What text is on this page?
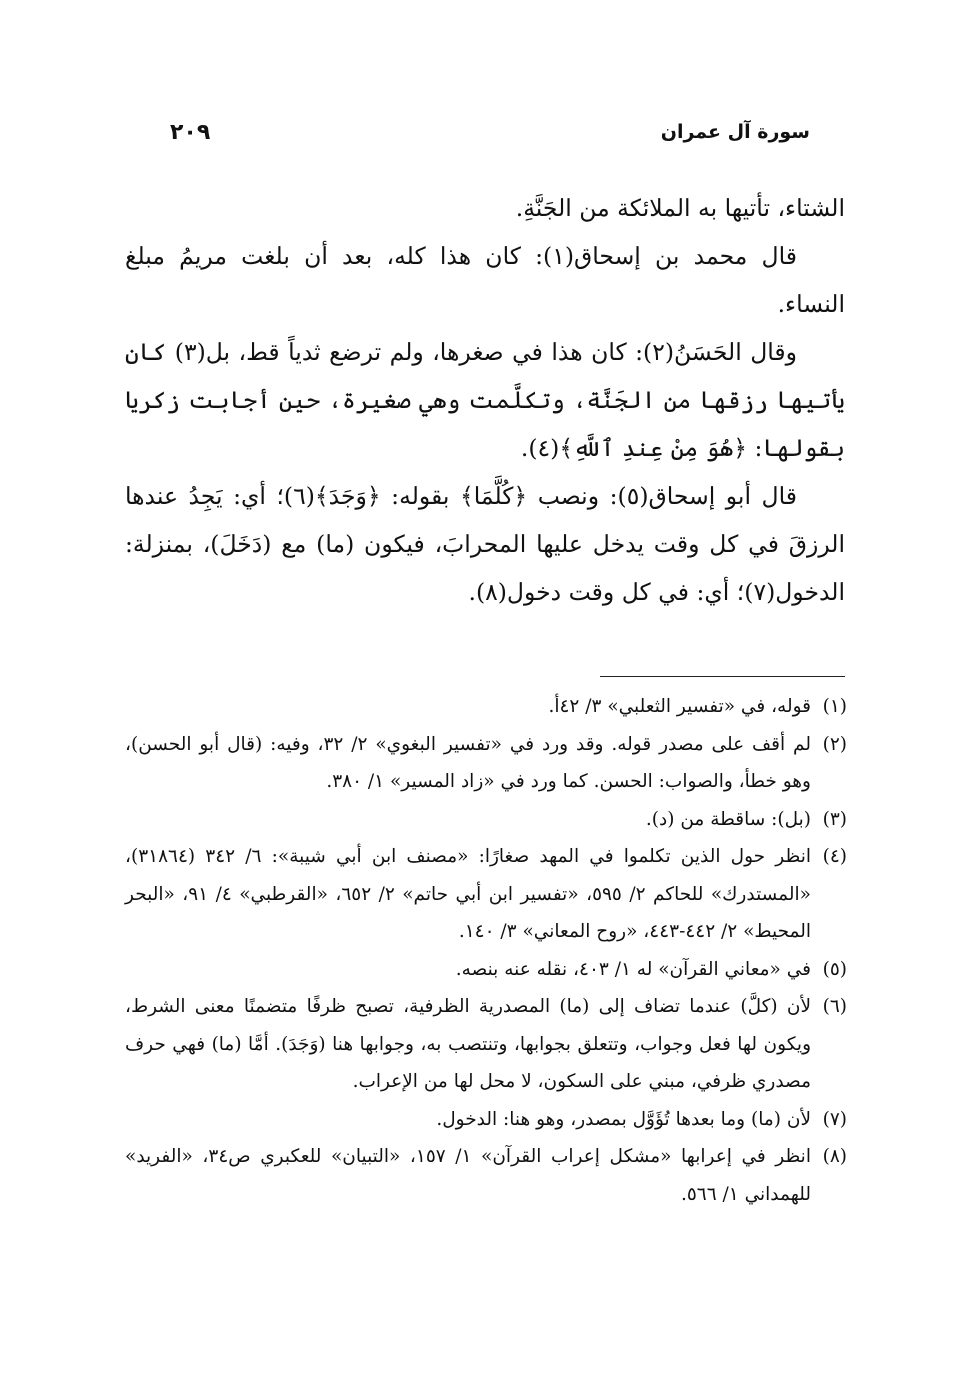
سورة آل عمران
٢٠٩

الشتاء، تأتيها به الملائكة من الجَنَّةِ.

قال محمد بن إسحاق(١): كان هذا كله، بعد أن بلغت مريمُ مبلغ النساء.

وقال الحَسَنُ(٢): كان هذا في صغرها، ولم ترضع ثدياً قط، بل(٣) كان يأتيها رزقها من الجَنَّة، وتكلَّمت وهي صغيرة، حين أجابت زكريا بقولها: ﴿هُوَ مِنْ عِندِ ٱللَّهِ﴾(٤).

قال أبو إسحاق(٥): ونصب ﴿كُلَّمَا﴾ بقوله: ﴿وَجَدَ﴾(٦)؛ أي: يَجِدُ عندها الرزقَ في كل وقت يدخل عليها المحرابَ، فيكون (ما) مع (دَخَلَ)، بمنزلة: الدخول(٧)؛ أي: في كل وقت دخول(٨).

(١)
قوله، في «تفسير الثعلبي» ٣/ ٤٢أ.
(٢)
لم أقف على مصدر قوله. وقد ورد في «تفسير البغوي» ٢/ ٣٢، وفيه: (قال أبو الحسن)، وهو خطأ، والصواب: الحسن. كما ورد في «زاد المسير» ١/ ٣٨٠.
(٣)
(بل): ساقطة من (د).
(٤)
انظر حول الذين تكلموا في المهد صغارًا: «مصنف ابن أبي شيبة»: ٦/ ٣٤٢ (٣١٨٦٤)، «المستدرك» للحاكم ٢/ ٥٩٥، «تفسير ابن أبي حاتم» ٢/ ٦٥٢، «القرطبي» ٤/ ٩١، «البحر المحيط» ٢/ ٤٤٢-٤٤٣، «روح المعاني» ٣/ ١٤٠.
(٥)
في «معاني القرآن» له ١/ ٤٠٣، نقله عنه بنصه.
(٦)
لأن (كلَّ) عندما تضاف إلى (ما) المصدرية الظرفية، تصبح ظرفًا متضمنًا معنى الشرط، ويكون لها فعل وجواب، وتتعلق بجوابها، وتنتصب به، وجوابها هنا (وَجَدَ). أمَّا (ما) فهي حرف مصدري ظرفي، مبني على السكون، لا محل لها من الإعراب.
(٧)
لأن (ما) وما بعدها تُؤَوَّل بمصدر، وهو هنا: الدخول.
(٨)
انظر في إعرابها «مشكل إعراب القرآن» ١/ ١٥٧، «التبيان» للعكبري ص٣٤، «الفريد» للهمداني ١/ ٥٦٦.
